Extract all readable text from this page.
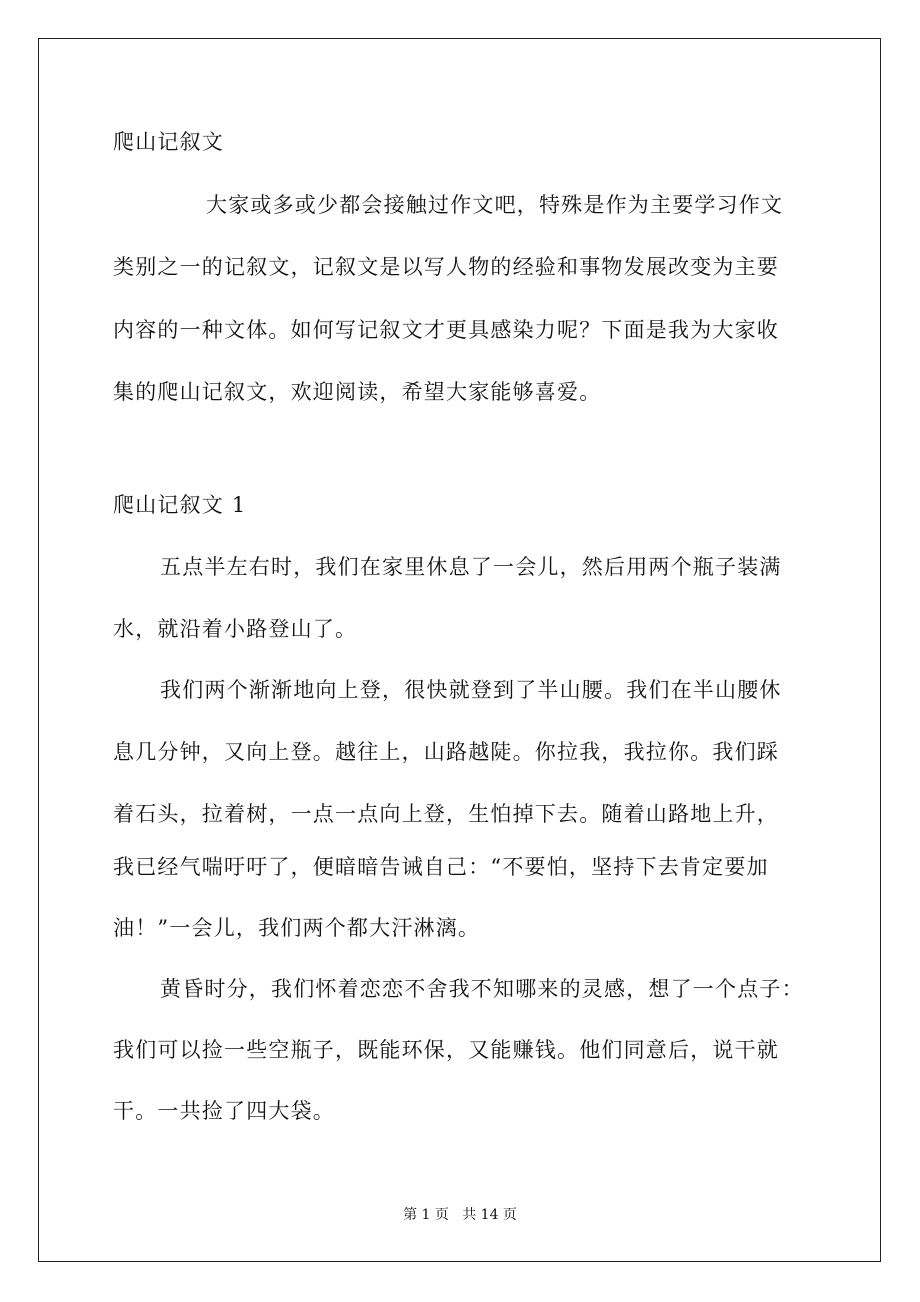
爬山记叙文
大家或多或少都会接触过作文吧，特殊是作为主要学习作文
类别之一的记叙文，记叙文是以写人物的经验和事物发展改变为主要
内容的一种文体。如何写记叙文才更具感染力呢？下面是我为大家收
集的爬山记叙文，欢迎阅读，希望大家能够喜爱。
爬山记叙文 1
五点半左右时，我们在家里休息了一会儿，然后用两个瓶子装满
水，就沿着小路登山了。
我们两个渐渐地向上登，很快就登到了半山腰。我们在半山腰休
息几分钟，又向上登。越往上，山路越陡。你拉我，我拉你。我们踩
着石头，拉着树，一点一点向上登，生怕掉下去。随着山路地上升，
我已经气喘吁吁了，便暗暗告诫自己：“不要怕，坚持下去肯定要加
油！”一会儿，我们两个都大汗淋漓。
黄昏时分，我们怀着恋恋不舍我不知哪来的灵感，想了一个点子：
我们可以捡一些空瓶子，既能环保，又能赚钱。他们同意后，说干就
干。一共捡了四大袋。
第 1 页   共 14 页
